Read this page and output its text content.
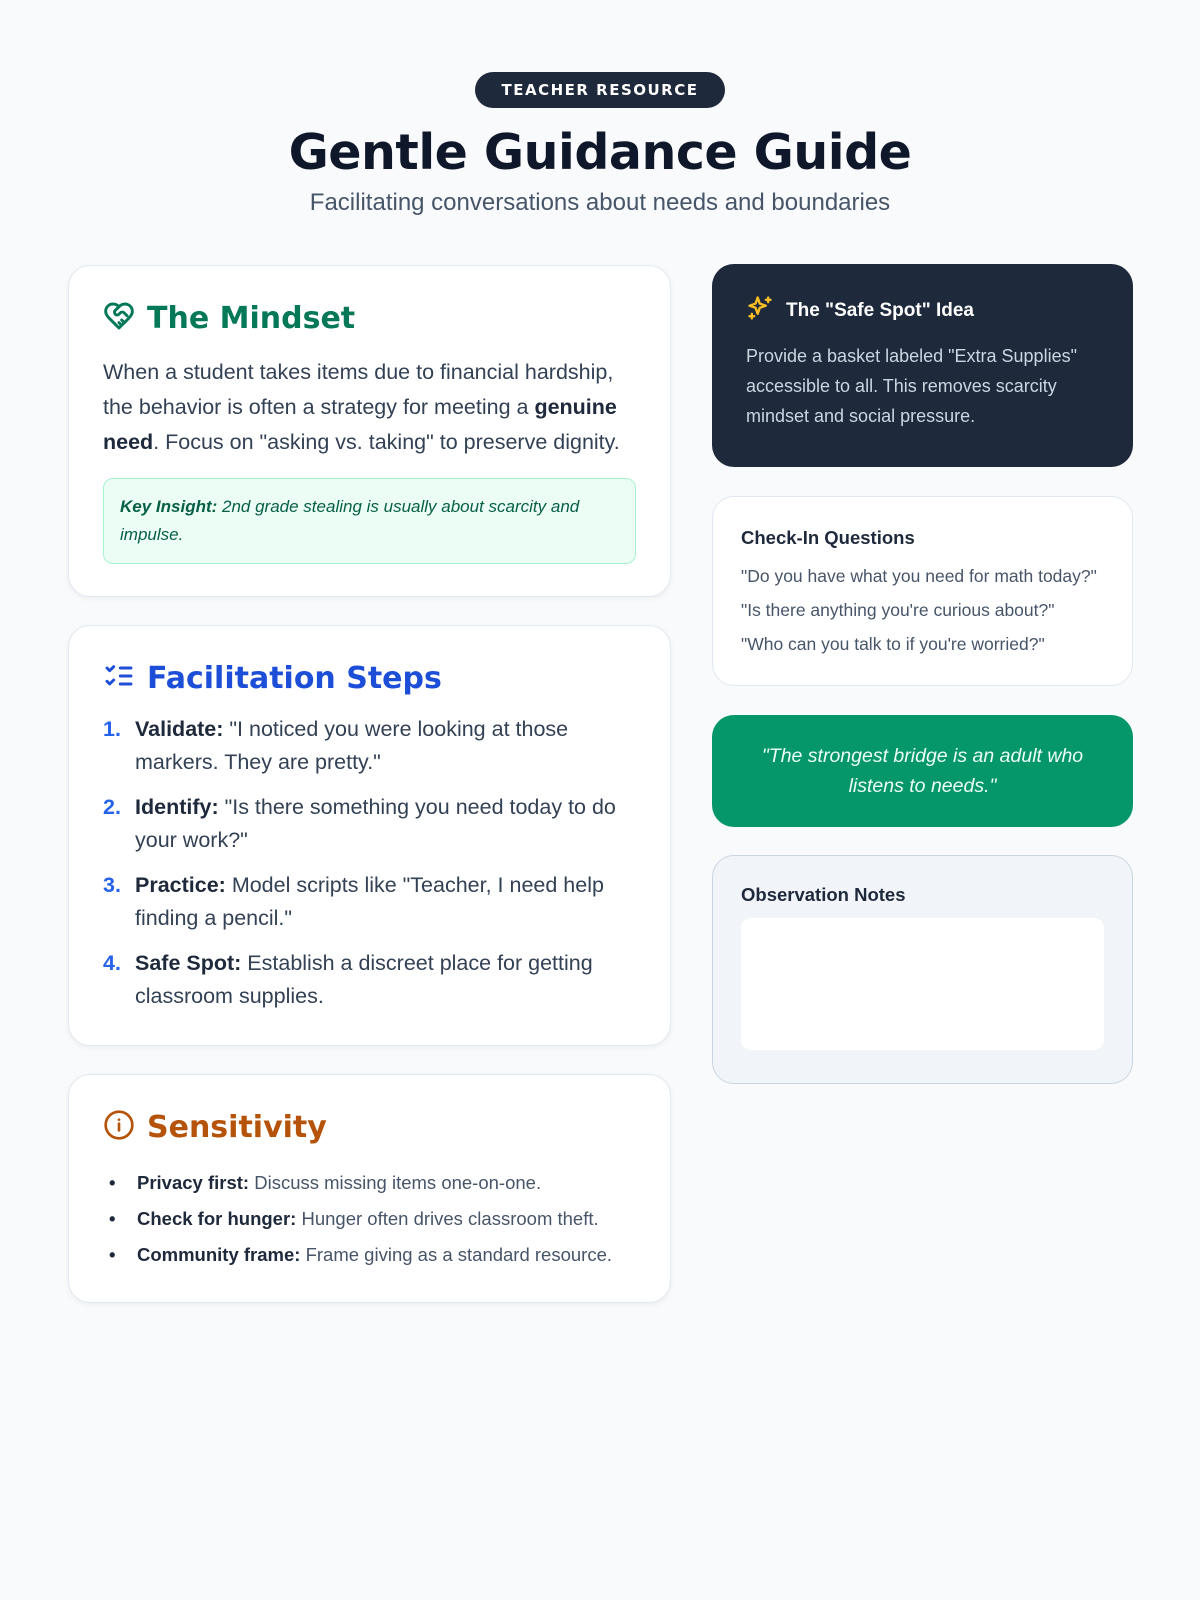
TEACHER RESOURCE
Gentle Guidance Guide

Facilitating conversations about needs and boundaries

The Mindset

When a student takes items due to financial hardship, the behavior is often a strategy for meeting a genuine need. Focus on "asking vs. taking" to preserve dignity.

Key Insight: 2nd grade stealing is usually about scarcity and impulse.
Facilitation Steps
1. Validate: "I noticed you were looking at those markers. They are pretty."
2. Identify: "Is there something you need today to do your work?"
3. Practice: Model scripts like "Teacher, I need help finding a pencil."
4. Safe Spot: Establish a discreet place for getting classroom supplies.
Sensitivity
•	Privacy first: Discuss missing items one-on-one.
•	Check for hunger: Hunger often drives classroom theft.
•	Community frame: Frame giving as a standard resource.
The "Safe Spot" Idea

Provide a basket labeled "Extra Supplies" accessible to all. This removes scarcity mindset and social pressure.

Check-In Questions
"Do you have what you need for math today?"
"Is there anything you're curious about?"
"Who can you talk to if you're worried?"

"The strongest bridge is an adult who listens to needs."

Observation Notes
